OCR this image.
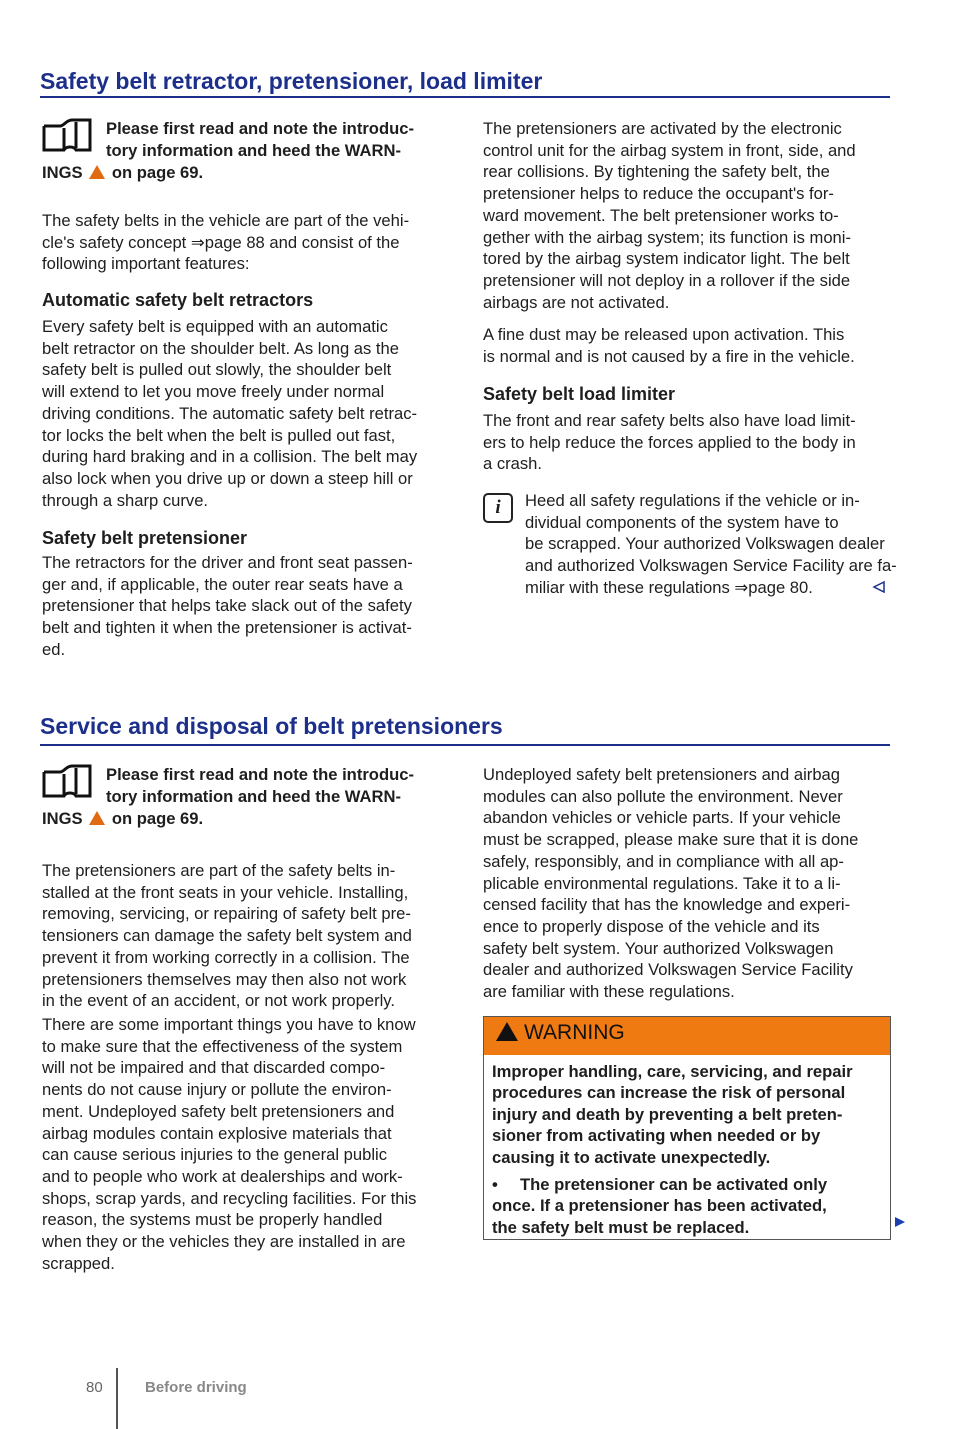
Safety belt retractor, pretensioner, load limiter
Please first read and note the introduc-
tory information and heed the WARN-
INGS on page 69.
The safety belts in the vehicle are part of the vehi-
cle's safety concept ⇒page 88 and consist of the
following important features:
Automatic safety belt retractors
Every safety belt is equipped with an automatic
belt retractor on the shoulder belt. As long as the
safety belt is pulled out slowly, the shoulder belt
will extend to let you move freely under normal
driving conditions. The automatic safety belt retrac-
tor locks the belt when the belt is pulled out fast,
during hard braking and in a collision. The belt may
also lock when you drive up or down a steep hill or
through a sharp curve.
Safety belt pretensioner
The retractors for the driver and front seat passen-
ger and, if applicable, the outer rear seats have a
pretensioner that helps take slack out of the safety
belt and tighten it when the pretensioner is activat-
ed.
The pretensioners are activated by the electronic
control unit for the airbag system in front, side, and
rear collisions. By tightening the safety belt, the
pretensioner helps to reduce the occupant's for-
ward movement. The belt pretensioner works to-
gether with the airbag system; its function is moni-
tored by the airbag system indicator light. The belt
pretensioner will not deploy in a rollover if the side
airbags are not activated.
A fine dust may be released upon activation. This
is normal and is not caused by a fire in the vehicle.
Safety belt load limiter
The front and rear safety belts also have load limit-
ers to help reduce the forces applied to the body in
a crash.
i	Heed all safety regulations if the vehicle or in-
dividual components of the system have to
be scrapped. Your authorized Volkswagen dealer
and authorized Volkswagen Service Facility are fa-
miliar with these regulations ⇒page 80.
Service and disposal of belt pretensioners
Please first read and note the introduc-
tory information and heed the WARN-
INGS on page 69.
The pretensioners are part of the safety belts in-
stalled at the front seats in your vehicle. Installing,
removing, servicing, or repairing of safety belt pre-
tensioners can damage the safety belt system and
prevent it from working correctly in a collision. The
pretensioners themselves may then also not work
in the event of an accident, or not work properly.
There are some important things you have to know
to make sure that the effectiveness of the system
will not be impaired and that discarded compo-
nents do not cause injury or pollute the environ-
ment. Undeployed safety belt pretensioners and
airbag modules contain explosive materials that
can cause serious injuries to the general public
and to people who work at dealerships and work-
shops, scrap yards, and recycling facilities. For this
reason, the systems must be properly handled
when they or the vehicles they are installed in are
scrapped.
Undeployed safety belt pretensioners and airbag
modules can also pollute the environment. Never
abandon vehicles or vehicle parts. If your vehicle
must be scrapped, please make sure that it is done
safely, responsibly, and in compliance with all ap-
plicable environmental regulations. Take it to a li-
censed facility that has the knowledge and experi-
ence to properly dispose of the vehicle and its
safety belt system. Your authorized Volkswagen
dealer and authorized Volkswagen Service Facility
are familiar with these regulations.
WARNING
Improper handling, care, servicing, and repair
procedures can increase the risk of personal
injury and death by preventing a belt preten-
sioner from activating when needed or by
causing it to activate unexpectedly.
•	The pretensioner can be activated only
once. If a pretensioner has been activated,
the safety belt must be replaced.
80	Before driving
